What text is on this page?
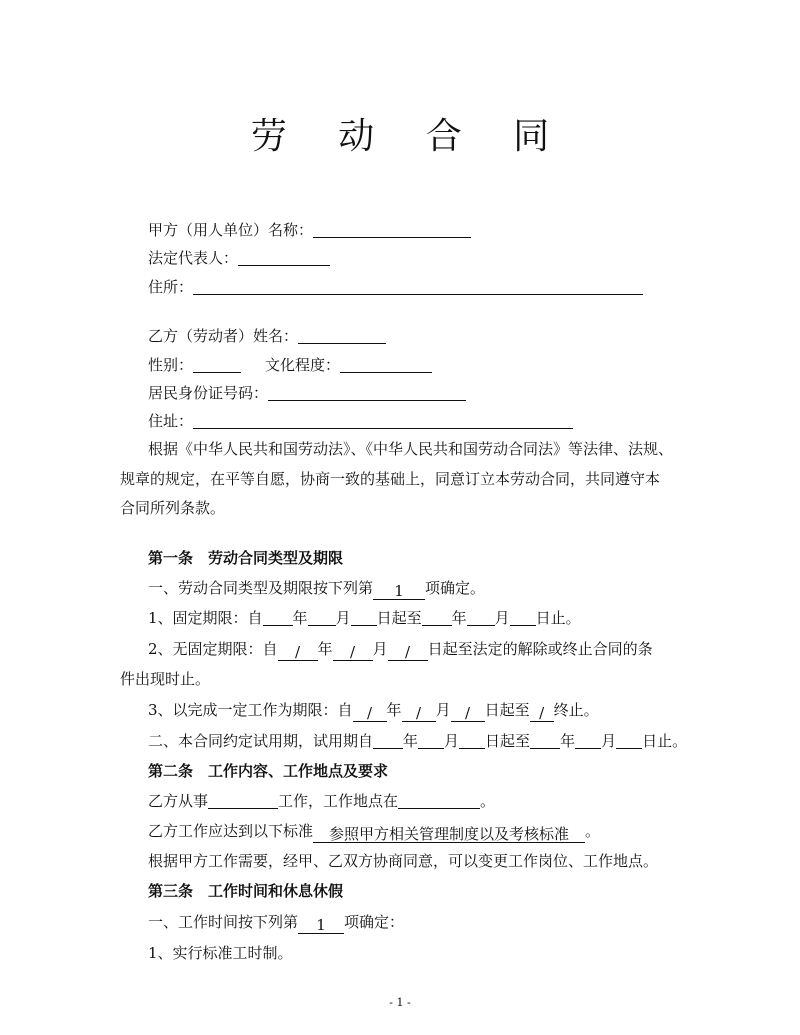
劳 动 合 同
甲方（用人单位）名称：
法定代表人：
住所：
乙方（劳动者）姓名：
性别：	文化程度：
居民身份证号码：
住址：
根据《中华人民共和国劳动法》、《中华人民共和国劳动合同法》等法律、法规、
规章的规定，在平等自愿，协商一致的基础上，同意订立本劳动合同，共同遵守本
合同所列条款。
第一条　劳动合同类型及期限
一、劳动合同类型及期限按下列第 1 项确定。
1、固定期限：自 年 月 日起至 年 月 日止。
2、无固定期限：自 / 年 / 月 / 日起至法定的解除或终止合同的条
件出现时止。
3、以完成一定工作为期限：自 / 年 / 月 / 日起至 / 终止。
二、本合同约定试用期，试用期自 年 月 日起至 年 月 日止。
第二条　工作内容、工作地点及要求
乙方从事	工作，工作地点在	。
乙方工作应达到以下标准 参照甲方相关管理制度以及考核标准 。
根据甲方工作需要，经甲、乙双方协商同意，可以变更工作岗位、工作地点。
第三条　工作时间和休息休假
一、工作时间按下列第 1 项确定：
1、实行标准工时制。
- 1 -
